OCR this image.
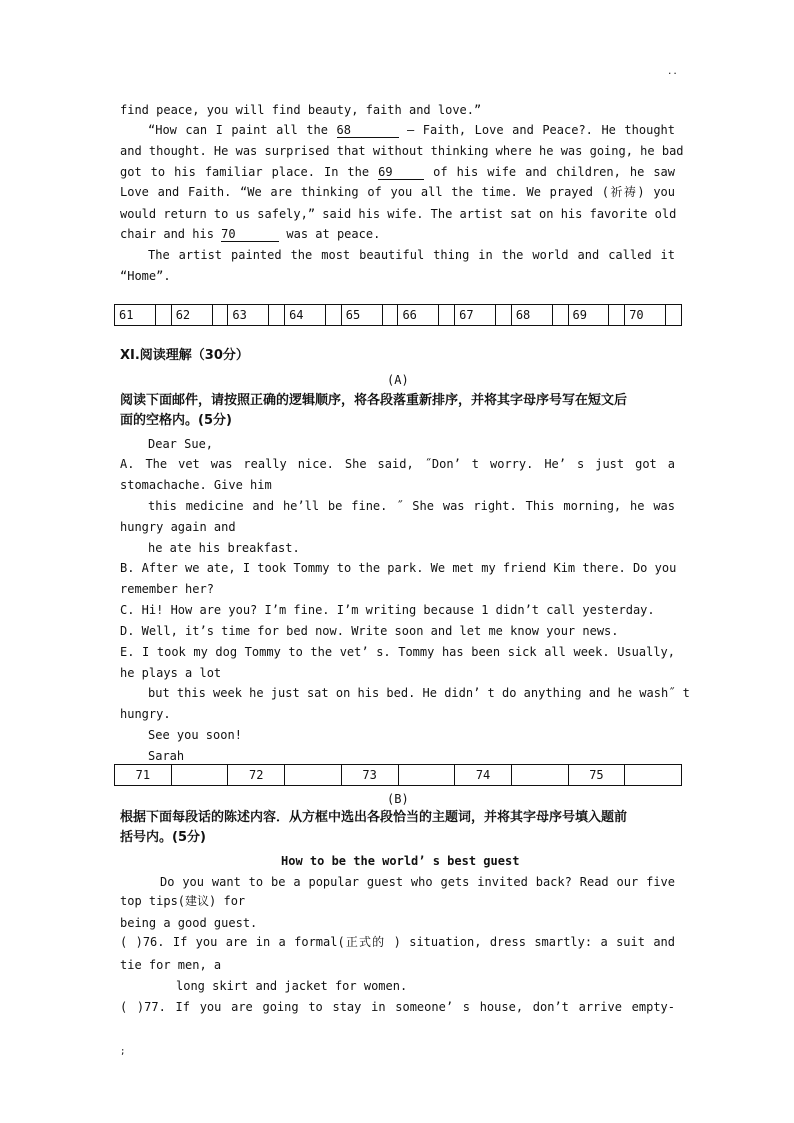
..
find peace, you will find beauty, faith and love.”
“How can I paint all the 68	— Faith, Love and Peace?. He thought
and thought. He was surprised that without thinking where he was going, he bad
got to his familiar place. In the 69	of his wife and children, he saw
Love and Faith. “We are thinking of you all the time. We prayed (祈祷) you
would return to us safely,” said his wife. The artist sat on his favorite old
chair and his 70	was at peace.
The artist painted the most beautiful thing in the world and called it
“Home”.
61		62		63		64		65		66		67		68		69		70	
XI.阅读理解（30分）
(A)
阅读下面邮件，请按照正确的逻辑顺序，将各段落重新排序，并将其字母序号写在短文后
面的空格内。(5分)
Dear Sue,
A. The vet was really nice. She said, ˝Don’ t worry. He’ s just got a
stomachache. Give him
this medicine and he’ll be fine. ˝ She was right. This morning, he was
hungry again and
he ate his breakfast.
B. After we ate, I took Tommy to the park. We met my friend Kim there. Do you
remember her?
C. Hi! How are you? I’m fine. I’m writing because 1 didn’t call yesterday.
D. Well, it’s time for bed now. Write soon and let me know your news.
E. I took my dog Tommy to the vet’ s. Tommy has been sick all week. Usually,
he plays a lot
but this week he just sat on his bed. He didn’ t do anything and he wash˝ t
hungry.
See you soon!
Sarah
71		72		73		74		75	
(B)
根据下面每段话的陈述内容．从方框中选出各段恰当的主题词，并将其字母序号填入题前
括号内。(5分)
How to be the world’ s best guest
Do you want to be a popular guest who gets invited back? Read our five
top tips(建议) for
being a good guest.
( )76. If you are in a formal(正式的 ) situation, dress smartly: a suit and
tie for men, a
long skirt and jacket for women.
( )77. If you are going to stay in someone’ s house, don’t arrive empty-
;
